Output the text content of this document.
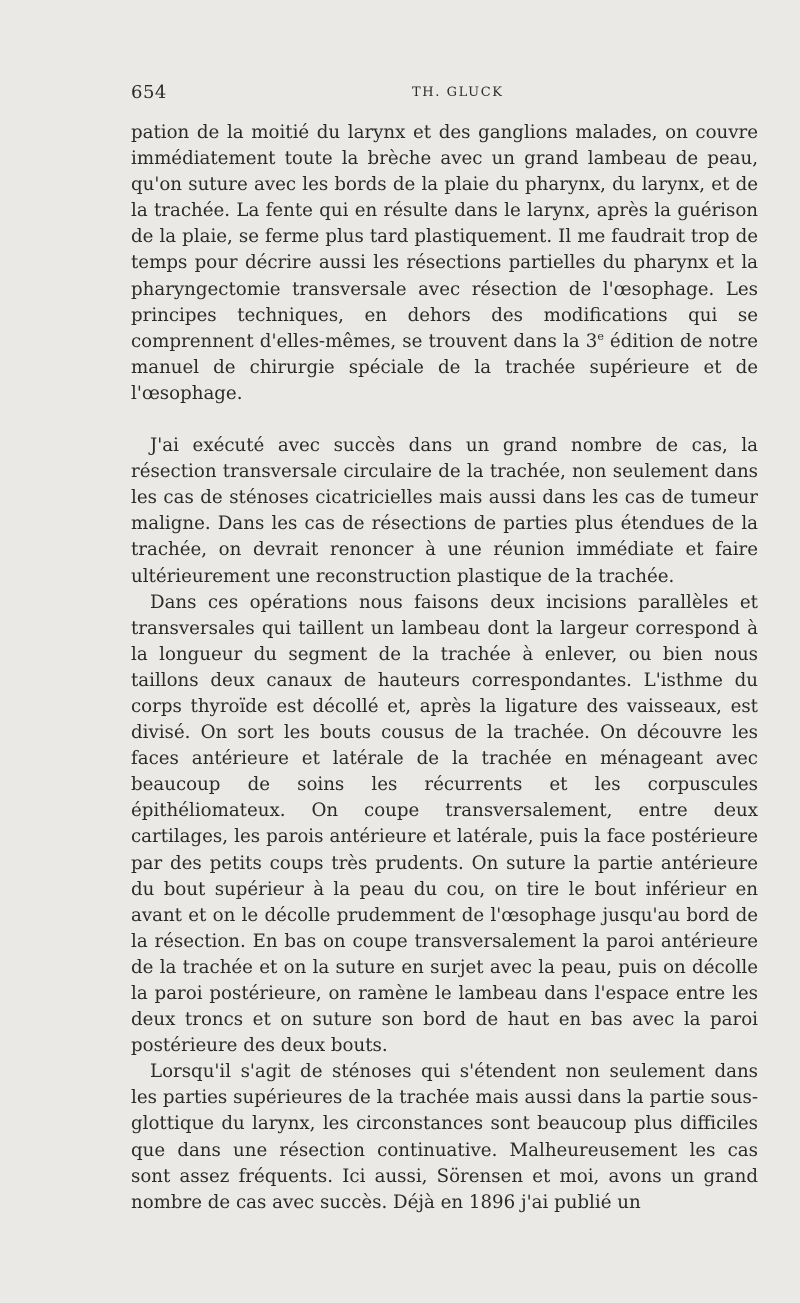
654	TH. GLUCK

pation de la moitié du larynx et des ganglions malades, on couvre immédiatement toute la brèche avec un grand lambeau de peau, qu'on suture avec les bords de la plaie du pharynx, du larynx, et de la trachée. La fente qui en résulte dans le larynx, après la guérison de la plaie, se ferme plus tard plastiquement. Il me faudrait trop de temps pour décrire aussi les résections partielles du pharynx et la pharyngectomie transversale avec résection de l'œsophage. Les principes techniques, en dehors des modifications qui se comprennent d'elles-mêmes, se trouvent dans la 3e édition de notre manuel de chirurgie spéciale de la trachée supérieure et de l'œsophage.

J'ai exécuté avec succès dans un grand nombre de cas, la résection transversale circulaire de la trachée, non seulement dans les cas de sténoses cicatricielles mais aussi dans les cas de tumeur maligne. Dans les cas de résections de parties plus étendues de la trachée, on devrait renoncer à une réunion immédiate et faire ultérieurement une reconstruction plastique de la trachée.

Dans ces opérations nous faisons deux incisions parallèles et transversales qui taillent un lambeau dont la largeur correspond à la longueur du segment de la trachée à enlever, ou bien nous taillons deux canaux de hauteurs correspondantes. L'isthme du corps thyroïde est décollé et, après la ligature des vaisseaux, est divisé. On sort les bouts cousus de la trachée. On découvre les faces antérieure et latérale de la trachée en ménageant avec beaucoup de soins les récurrents et les corpuscules épithéliomateux. On coupe transversalement, entre deux cartilages, les parois antérieure et latérale, puis la face postérieure par des petits coups très prudents. On suture la partie antérieure du bout supérieur à la peau du cou, on tire le bout inférieur en avant et on le décolle prudemment de l'œsophage jusqu'au bord de la résection. En bas on coupe transversalement la paroi antérieure de la trachée et on la suture en surjet avec la peau, puis on décolle la paroi postérieure, on ramène le lambeau dans l'espace entre les deux troncs et on suture son bord de haut en bas avec la paroi postérieure des deux bouts.

Lorsqu'il s'agit de sténoses qui s'étendent non seulement dans les parties supérieures de la trachée mais aussi dans la partie sous-glottique du larynx, les circonstances sont beaucoup plus difficiles que dans une résection continuative. Malheureusement les cas sont assez fréquents. Ici aussi, Sörensen et moi, avons un grand nombre de cas avec succès. Déjà en 1896 j'ai publié un
